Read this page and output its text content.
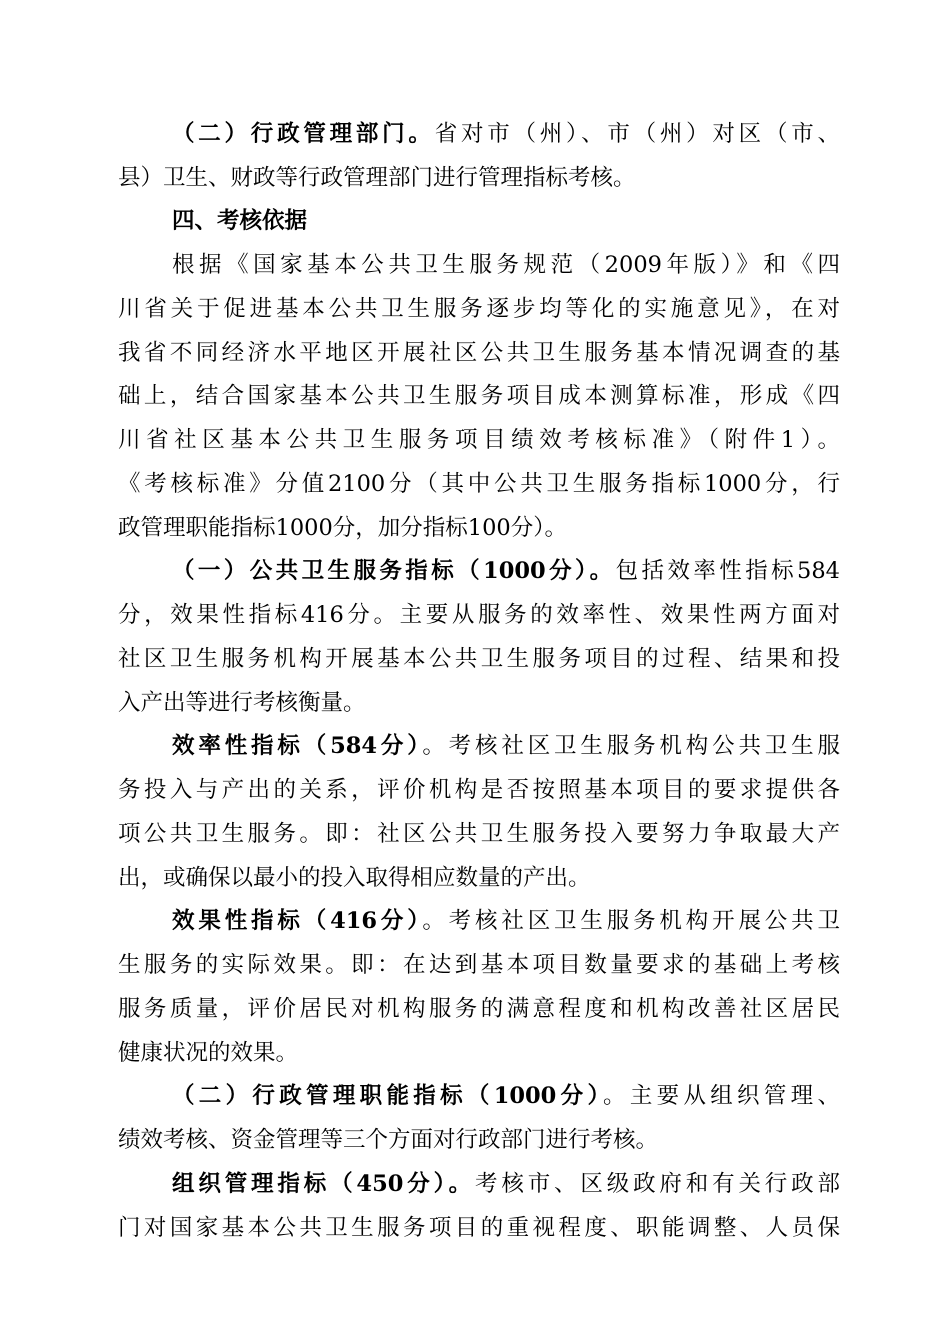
（二）行政管理部门。省对市（州）、市（州）对区（市、
县）卫生、财政等行政管理部门进行管理指标考核。
四、考核依据
根据《国家基本公共卫生服务规范（2009年版）》和《四
川省关于促进基本公共卫生服务逐步均等化的实施意见》，在对
我省不同经济水平地区开展社区公共卫生服务基本情况调查的基
础上，结合国家基本公共卫生服务项目成本测算标准，形成《四
川省社区基本公共卫生服务项目绩效考核标准》（附件1）。
《考核标准》分值2100分（其中公共卫生服务指标1000分，行
政管理职能指标1000分，加分指标100分）。
（一）公共卫生服务指标（1000分）。包括效率性指标584
分，效果性指标416分。主要从服务的效率性、效果性两方面对
社区卫生服务机构开展基本公共卫生服务项目的过程、结果和投
入产出等进行考核衡量。
效率性指标（584分）。考核社区卫生服务机构公共卫生服
务投入与产出的关系，评价机构是否按照基本项目的要求提供各
项公共卫生服务。即：社区公共卫生服务投入要努力争取最大产
出，或确保以最小的投入取得相应数量的产出。
效果性指标（416分）。考核社区卫生服务机构开展公共卫
生服务的实际效果。即：在达到基本项目数量要求的基础上考核
服务质量，评价居民对机构服务的满意程度和机构改善社区居民
健康状况的效果。
（二）行政管理职能指标（1000分）。主要从组织管理、
绩效考核、资金管理等三个方面对行政部门进行考核。
组织管理指标（450分）。考核市、区级政府和有关行政部
门对国家基本公共卫生服务项目的重视程度、职能调整、人员保
